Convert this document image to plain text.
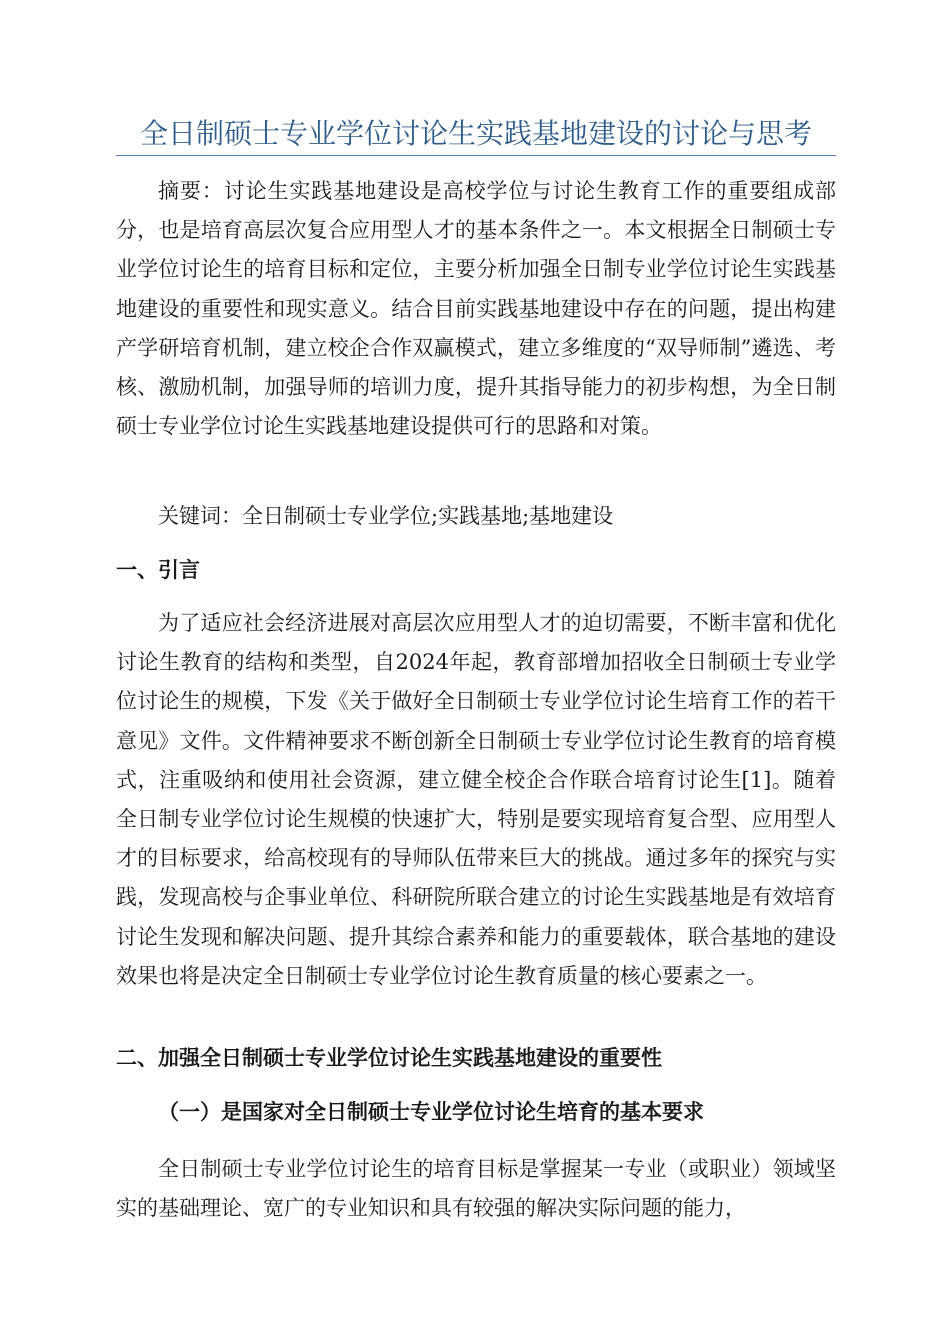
全日制硕士专业学位讨论生实践基地建设的讨论与思考

摘要：讨论生实践基地建设是高校学位与讨论生教育工作的重要组成部分，也是培育高层次复合应用型人才的基本条件之一。本文根据全日制硕士专业学位讨论生的培育目标和定位，主要分析加强全日制专业学位讨论生实践基地建设的重要性和现实意义。结合目前实践基地建设中存在的问题，提出构建产学研培育机制，建立校企合作双赢模式，建立多维度的“双导师制”遴选、考核、激励机制，加强导师的培训力度，提升其指导能力的初步构想，为全日制硕士专业学位讨论生实践基地建设提供可行的思路和对策。

关键词：全日制硕士专业学位;实践基地;基地建设

一、引言

为了适应社会经济进展对高层次应用型人才的迫切需要，不断丰富和优化讨论生教育的结构和类型，自2024年起，教育部增加招收全日制硕士专业学位讨论生的规模，下发《关于做好全日制硕士专业学位讨论生培育工作的若干意见》文件。文件精神要求不断创新全日制硕士专业学位讨论生教育的培育模式，注重吸纳和使用社会资源，建立健全校企合作联合培育讨论生[1]。随着全日制专业学位讨论生规模的快速扩大，特别是要实现培育复合型、应用型人才的目标要求，给高校现有的导师队伍带来巨大的挑战。通过多年的探究与实践，发现高校与企事业单位、科研院所联合建立的讨论生实践基地是有效培育讨论生发现和解决问题、提升其综合素养和能力的重要载体，联合基地的建设效果也将是决定全日制硕士专业学位讨论生教育质量的核心要素之一。

二、加强全日制硕士专业学位讨论生实践基地建设的重要性
（一）是国家对全日制硕士专业学位讨论生培育的基本要求

全日制硕士专业学位讨论生的培育目标是掌握某一专业（或职业）领域坚实的基础理论、宽广的专业知识和具有较强的解决实际问题的能力，
